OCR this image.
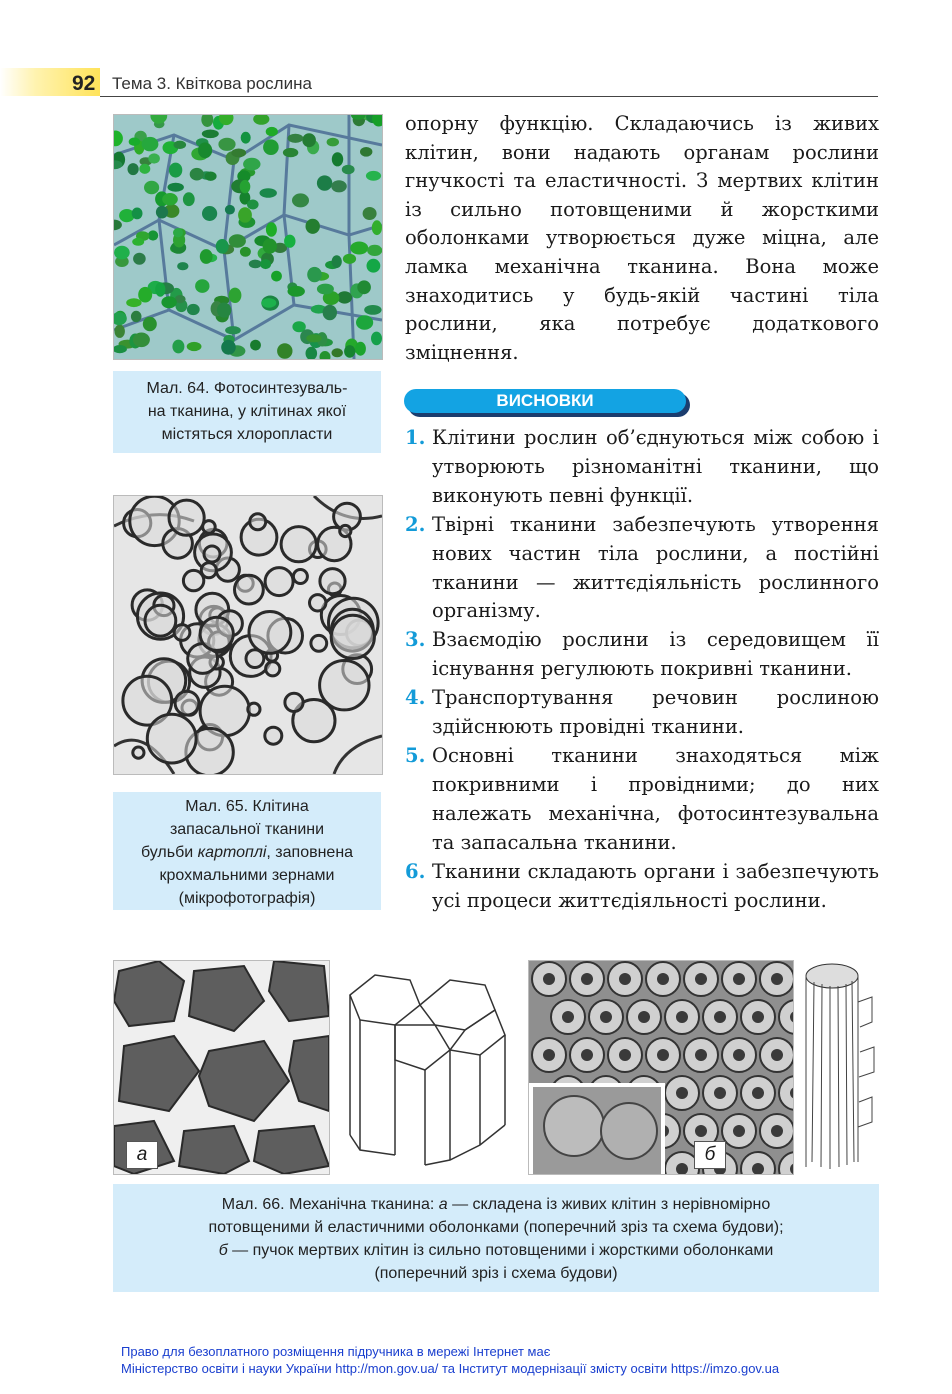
92 Тема 3. Квіткова рослина
Мал. 64. Фотосинтезуваль-
на тканина, у клітинах якої
містяться хлоропласти
Мал. 65. Клітина
запасальної тканини
бульби картоплі, заповнена
крохмальними зернами
(мікрофотографія)
опорну функцію. Складаючись із живих клітин, вони надають органам рослини гнучкості та еластичності. З мертвих клітин із сильно потовщеними й жорсткими оболонками утворюється дуже міцна, але ламка механічна тканина. Вона може знаходитись у будь-якій частині тіла рослини, яка потребує додаткового зміцнення.
ВИСНОВКИ
1. Клітини рослин об’єднуються між собою і утворюють різноманітні тканини, що виконують певні функції.
2. Твірні тканини забезпечують утворення нових частин тіла рослини, а постійні тканини — життєдіяльність рослинного організму.
3. Взаємодію рослини із середовищем її існування регулюють покривні тканини.
4. Транспортування речовин рослиною здійснюють провідні тканини.
5. Основні тканини знаходяться між покривними і провідними; до них належать механічна, фотосинтезувальна та запасальна тканини.
6. Тканини складають органи і забезпечують усі процеси життєдіяльності рослини.
а	б
Мал. 66. Механічна тканина: а — складена із живих клітин з нерівномірно
потовщеними й еластичними оболонками (поперечний зріз та схема будови);
б — пучок мертвих клітин із сильно потовщеними і жорсткими оболонками
(поперечний зріз і схема будови)
Право для безоплатного розміщення підручника в мережі Інтернет має
Міністерство освіти і науки України http://mon.gov.ua/ та Інститут модернізації змісту освіти https://imzo.gov.ua
